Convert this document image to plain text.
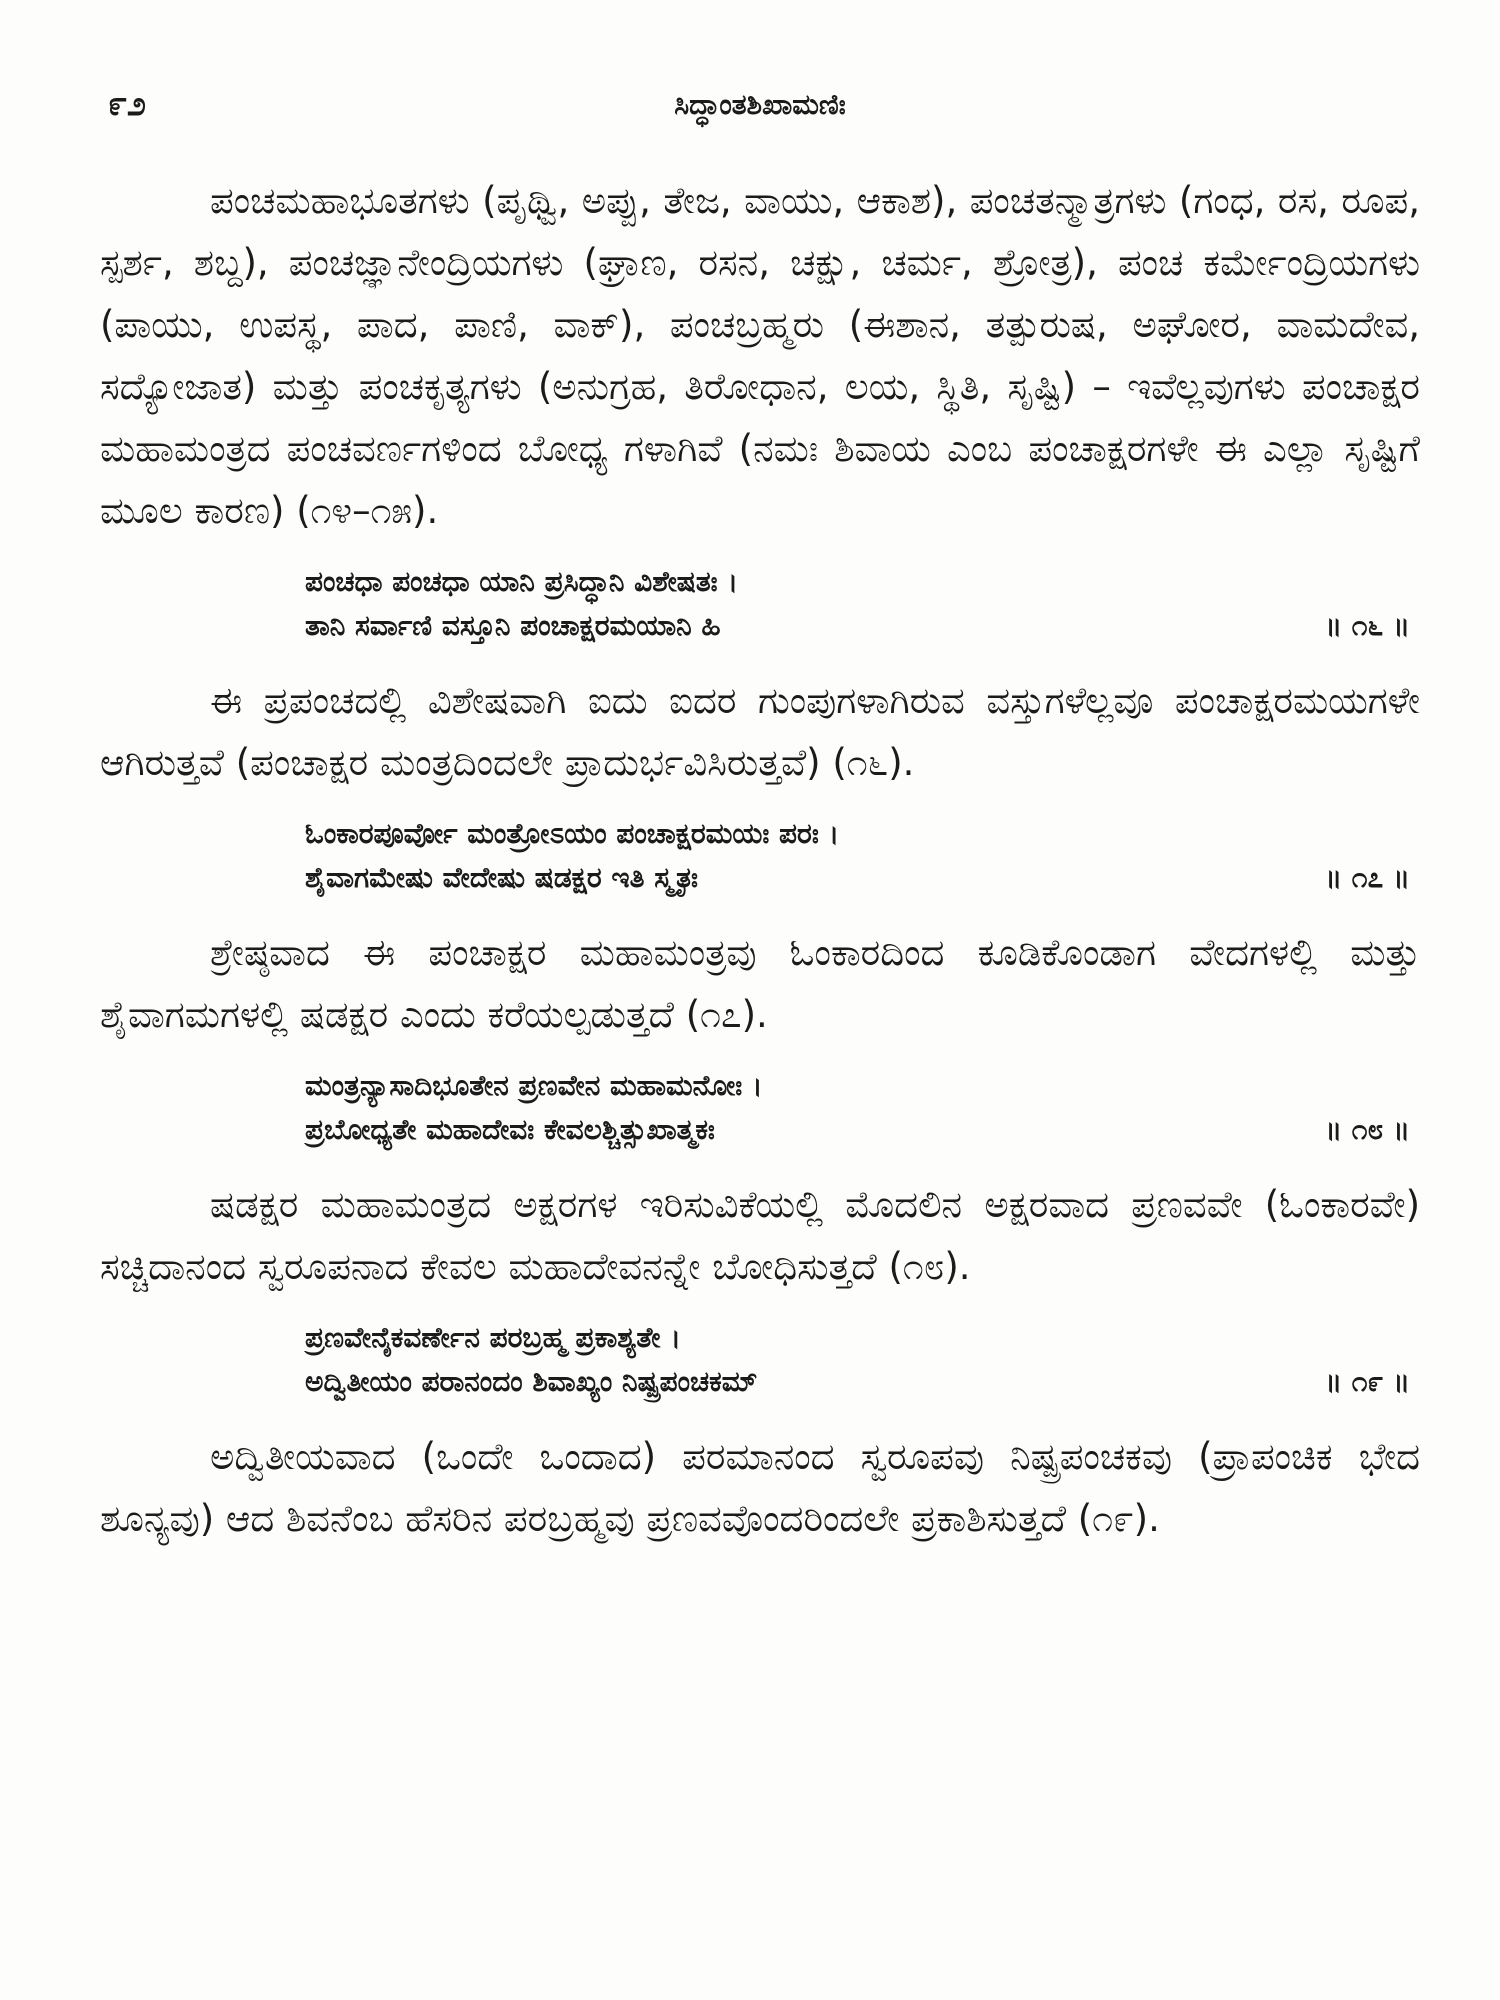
೯೨	ಸಿದ್ಧಾಂತಶಿಖಾಮಣಿಃ

ಪಂಚಮಹಾಭೂತಗಳು (ಪೃಥ್ವಿ, ಅಪ್ಪು, ತೇಜ, ವಾಯು, ಆಕಾಶ), ಪಂಚತನ್ಮಾತ್ರಗಳು (ಗಂಧ, ರಸ, ರೂಪ, ಸ್ಪರ್ಶ, ಶಬ್ದ), ಪಂಚಜ್ಞಾನೇಂದ್ರಿಯಗಳು (ಘ್ರಾಣ, ರಸನ, ಚಕ್ಷು, ಚರ್ಮ, ಶ್ರೋತ್ರ), ಪಂಚ ಕರ್ಮೇಂದ್ರಿಯಗಳು (ಪಾಯು, ಉಪಸ್ಥ, ಪಾದ, ಪಾಣಿ, ವಾಕ್), ಪಂಚಬ್ರಹ್ಮರು (ಈಶಾನ, ತತ್ಪುರುಷ, ಅಘೋರ, ವಾಮದೇವ, ಸದ್ಯೋಜಾತ) ಮತ್ತು ಪಂಚಕೃತ್ಯಗಳು (ಅನುಗ್ರಹ, ತಿರೋಧಾನ, ಲಯ, ಸ್ಥಿತಿ, ಸೃಷ್ಟಿ) – ಇವೆಲ್ಲವುಗಳು ಪಂಚಾಕ್ಷರ ಮಹಾಮಂತ್ರದ ಪಂಚವರ್ಣಗಳಿಂದ ಬೋಧ್ಯ ಗಳಾಗಿವೆ (ನಮಃ ಶಿವಾಯ ಎಂಬ ಪಂಚಾಕ್ಷರಗಳೇ ಈ ಎಲ್ಲಾ ಸೃಷ್ಟಿಗೆ ಮೂಲ ಕಾರಣ) (೧೪–೧೫).

ಪಂಚಧಾ ಪಂಚಧಾ ಯಾನಿ ಪ್ರಸಿದ್ಧಾನಿ ವಿಶೇಷತಃ ।
ತಾನಿ ಸರ್ವಾಣಿ ವಸ್ತೂನಿ ಪಂಚಾಕ್ಷರಮಯಾನಿ ಹಿ	॥ ೧೬ ॥

ಈ ಪ್ರಪಂಚದಲ್ಲಿ ವಿಶೇಷವಾಗಿ ಐದು ಐದರ ಗುಂಪುಗಳಾಗಿರುವ ವಸ್ತುಗಳೆಲ್ಲವೂ ಪಂಚಾಕ್ಷರಮಯಗಳೇ ಆಗಿರುತ್ತವೆ (ಪಂಚಾಕ್ಷರ ಮಂತ್ರದಿಂದಲೇ ಪ್ರಾದುರ್ಭವಿಸಿರುತ್ತವೆ) (೧೬).

ಓಂಕಾರಪೂರ್ವೋ ಮಂತ್ರೋಽಯಂ ಪಂಚಾಕ್ಷರಮಯಃ ಪರಃ ।
ಶೈವಾಗಮೇಷು ವೇದೇಷು ಷಡಕ್ಷರ ಇತಿ ಸ್ಮೃತಃ	॥ ೧೭ ॥

ಶ್ರೇಷ್ಠವಾದ ಈ ಪಂಚಾಕ್ಷರ ಮಹಾಮಂತ್ರವು ಓಂಕಾರದಿಂದ ಕೂಡಿಕೊಂಡಾಗ ವೇದಗಳಲ್ಲಿ ಮತ್ತು ಶೈವಾಗಮಗಳಲ್ಲಿ ಷಡಕ್ಷರ ಎಂದು ಕರೆಯಲ್ಪಡುತ್ತದೆ (೧೭).

ಮಂತ್ರನ್ಯಾಸಾದಿಭೂತೇನ ಪ್ರಣವೇನ ಮಹಾಮನೋಃ ।
ಪ್ರಬೋಧ್ಯತೇ ಮಹಾದೇವಃ ಕೇವಲಶ್ಚಿತ್ಸುಖಾತ್ಮಕಃ	॥ ೧೮ ॥

ಷಡಕ್ಷರ ಮಹಾಮಂತ್ರದ ಅಕ್ಷರಗಳ ಇರಿಸುವಿಕೆಯಲ್ಲಿ ಮೊದಲಿನ ಅಕ್ಷರವಾದ ಪ್ರಣವವೇ (ಓಂಕಾರವೇ) ಸಚ್ಚಿದಾನಂದ ಸ್ವರೂಪನಾದ ಕೇವಲ ಮಹಾದೇವನನ್ನೇ ಬೋಧಿಸುತ್ತದೆ (೧೮).

ಪ್ರಣವೇನೈಕವರ್ಣೇನ ಪರಬ್ರಹ್ಮ ಪ್ರಕಾಶ್ಯತೇ ।
ಅದ್ವಿತೀಯಂ ಪರಾನಂದಂ ಶಿವಾಖ್ಯಂ ನಿಷ್ಪ್ರಪಂಚಕಮ್	॥ ೧೯ ॥

ಅದ್ವಿತೀಯವಾದ (ಒಂದೇ ಒಂದಾದ) ಪರಮಾನಂದ ಸ್ವರೂಪವು ನಿಷ್ಪ್ರಪಂಚಕವು (ಪ್ರಾಪಂಚಿಕ ಭೇದ ಶೂನ್ಯವು) ಆದ ಶಿವನೆಂಬ ಹೆಸರಿನ ಪರಬ್ರಹ್ಮವು ಪ್ರಣವವೊಂದರಿಂದಲೇ ಪ್ರಕಾಶಿಸುತ್ತದೆ (೧೯).
